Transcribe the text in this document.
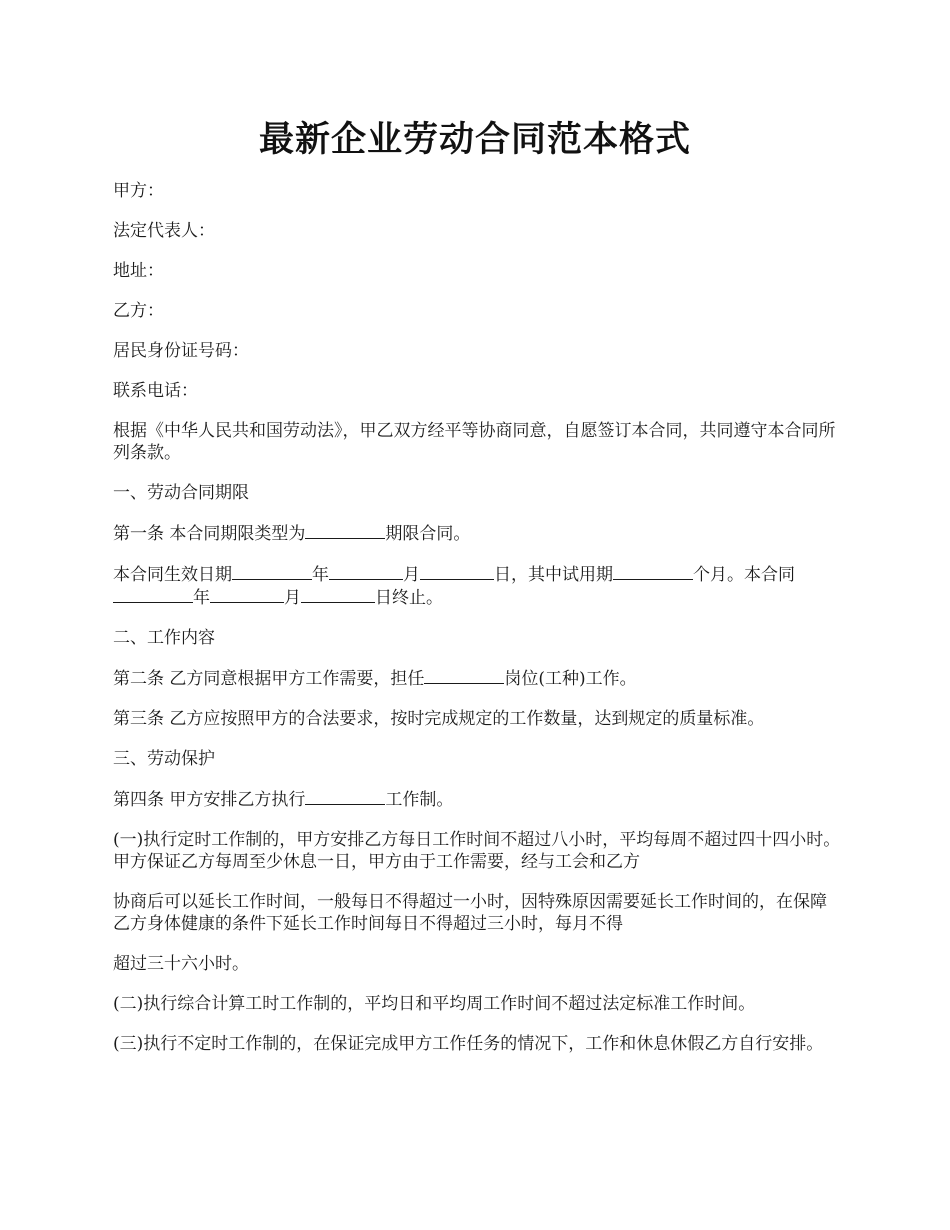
最新企业劳动合同范本格式

甲方：

法定代表人：

地址：

乙方：

居民身份证号码：

联系电话：

根据《中华人民共和国劳动法》，甲乙双方经平等协商同意，自愿签订本合同，共同遵守本合同所列条款。

一、劳动合同期限

第一条 本合同期限类型为	期限合同。

本合同生效日期	年	月	日，其中试用期	个月。本合同年	月	日终止。

二、工作内容

第二条 乙方同意根据甲方工作需要，担任	岗位(工种)工作。

第三条 乙方应按照甲方的合法要求，按时完成规定的工作数量，达到规定的质量标准。

三、劳动保护

第四条 甲方安排乙方执行	工作制。

(一)执行定时工作制的，甲方安排乙方每日工作时间不超过八小时，平均每周不超过四十四小时。甲方保证乙方每周至少休息一日，甲方由于工作需要，经与工会和乙方

协商后可以延长工作时间，一般每日不得超过一小时，因特殊原因需要延长工作时间的，在保障乙方身体健康的条件下延长工作时间每日不得超过三小时，每月不得

超过三十六小时。

(二)执行综合计算工时工作制的，平均日和平均周工作时间不超过法定标准工作时间。

(三)执行不定时工作制的，在保证完成甲方工作任务的情况下，工作和休息休假乙方自行安排。
